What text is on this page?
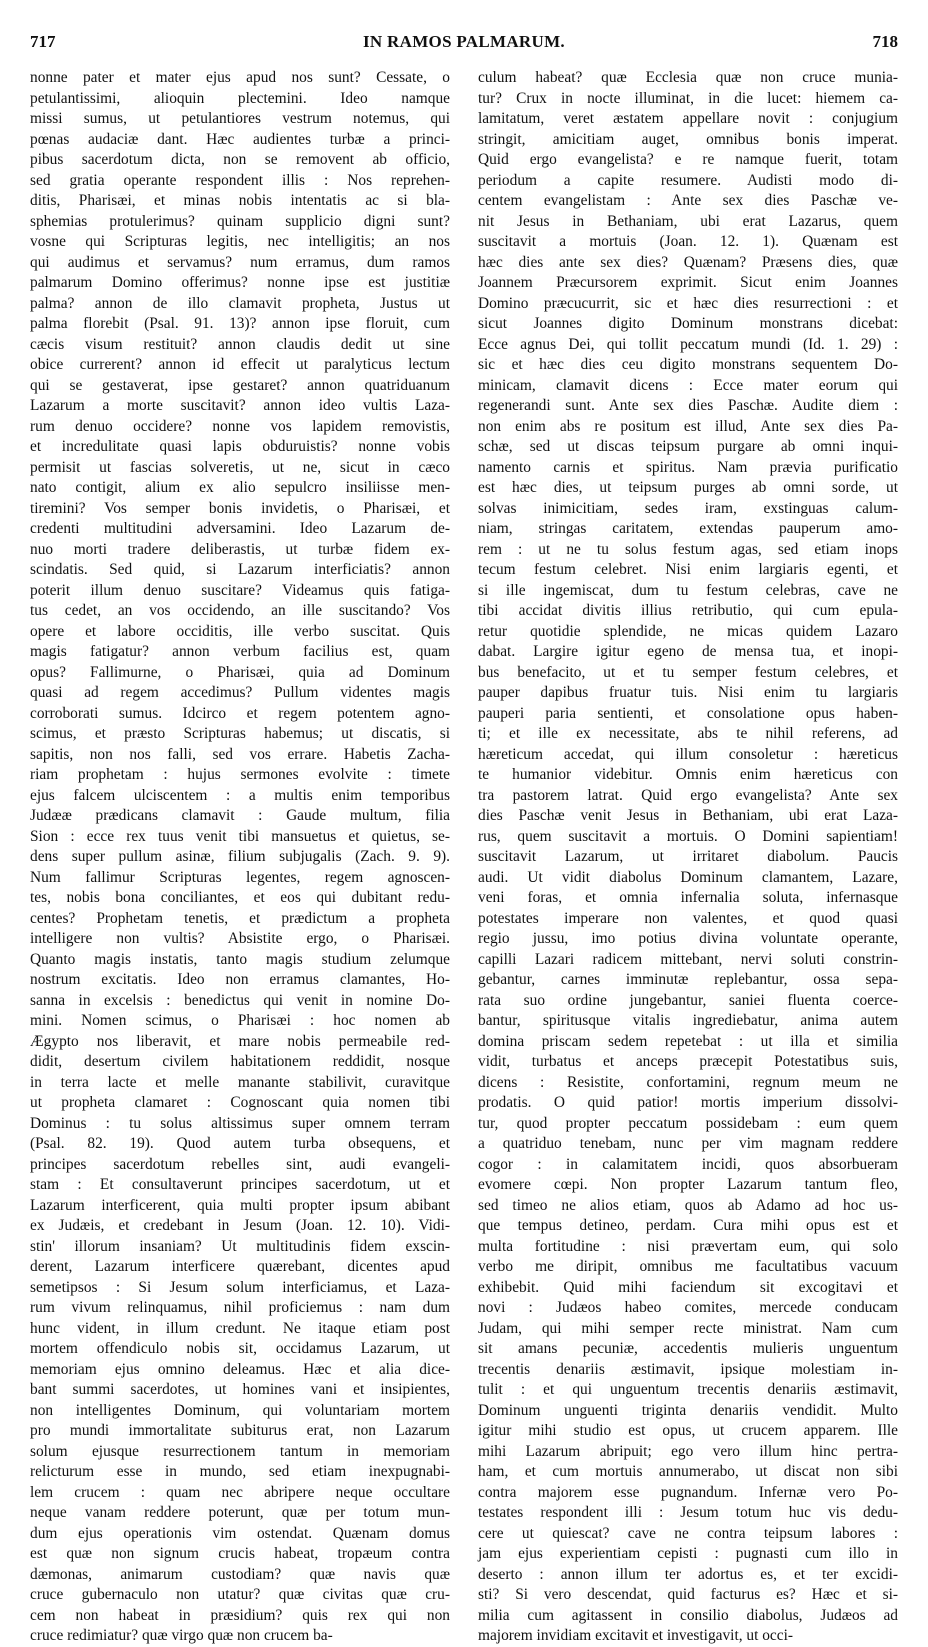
717	IN RAMOS PALMARUM.	718
nonne pater et mater ejus apud nos sunt? Cessate, o
petulantissimi, alioquin plectemini. Ideo namque
missi sumus, ut petulantiores vestrum notemus, qui
pœnas audaciæ dant. Hæc audientes turbæ a princi-
pibus sacerdotum dicta, non se removent ab officio,
sed gratia operante respondent illis : Nos reprehen-
ditis, Pharisæi, et minas nobis intentatis ac si bla-
sphemias protulerimus? quinam supplicio digni sunt?
vosne qui Scripturas legitis, nec intelligitis; an nos
qui audimus et servamus? num erramus, dum ramos
palmarum Domino offerimus? nonne ipse est justitiæ
palma? annon de illo clamavit propheta, Justus ut
palma florebit (Psal. 91. 13)? annon ipse floruit, cum
cæcis visum restituit? annon claudis dedit ut sine
obice currerent? annon id effecit ut paralyticus lectum
qui se gestaverat, ipse gestaret? annon quatriduanum
Lazarum a morte suscitavit? annon ideo vultis Laza-
rum denuo occidere? nonne vos lapidem removistis,
et incredulitate quasi lapis obduruistis? nonne vobis
permisit ut fascias solveretis, ut ne, sicut in cæco
nato contigit, alium ex alio sepulcro insiliisse men-
tiremini? Vos semper bonis invidetis, o Pharisæi, et
credenti multitudini adversamini. Ideo Lazarum de-
nuo morti tradere deliberastis, ut turbæ fidem ex-
scindatis. Sed quid, si Lazarum interficiatis? annon
poterit illum denuo suscitare? Videamus quis fatiga-
tus cedet, an vos occidendo, an ille suscitando? Vos
opere et labore occiditis, ille verbo suscitat. Quis
magis fatigatur? annon verbum facilius est, quam
opus? Fallimurne, o Pharisæi, quia ad Dominum
quasi ad regem accedimus? Pullum videntes magis
corroborati sumus. Idcirco et regem potentem agno-
scimus, et præsto Scripturas habemus; ut discatis, si
sapitis, non nos falli, sed vos errare. Habetis Zacha-
riam prophetam : hujus sermones evolvite : timete
ejus falcem ulciscentem : a multis enim temporibus
Judææ prædicans clamavit : Gaude multum, filia
Sion : ecce rex tuus venit tibi mansuetus et quietus, se-
dens super pullum asinæ, filium subjugalis (Zach. 9. 9).
Num fallimur Scripturas legentes, regem agnoscen-
tes, nobis bona conciliantes, et eos qui dubitant redu-
centes? Prophetam tenetis, et prædictum a propheta
intelligere non vultis? Absistite ergo, o Pharisæi.
Quanto magis instatis, tanto magis studium zelumque
nostrum excitatis. Ideo non erramus clamantes, Ho-
sanna in excelsis : benedictus qui venit in nomine Do-
mini. Nomen scimus, o Pharisæi : hoc nomen ab
Ægypto nos liberavit, et mare nobis permeabile red-
didit, desertum civilem habitationem reddidit, nosque
in terra lacte et melle manante stabilivit, curavitque
ut propheta clamaret : Cognoscant quia nomen tibi
Dominus : tu solus altissimus super omnem terram
(Psal. 82. 19). Quod autem turba obsequens, et
principes sacerdotum rebelles sint, audi evangeli-
stam : Et consultaverunt principes sacerdotum, ut et
Lazarum interficerent, quia multi propter ipsum abibant
ex Judæis, et credebant in Jesum (Joan. 12. 10). Vidi-
stin' illorum insaniam? Ut multitudinis fidem exscin-
derent, Lazarum interficere quærebant, dicentes apud
semetipsos : Si Jesum solum interficiamus, et Laza-
rum vivum relinquamus, nihil proficiemus : nam dum
hunc vident, in illum credunt. Ne itaque etiam post
mortem offendiculo nobis sit, occidamus Lazarum, ut
memoriam ejus omnino deleamus. Hæc et alia dice-
bant summi sacerdotes, ut homines vani et insipientes,
non intelligentes Dominum, qui voluntariam mortem
pro mundi immortalitate subiturus erat, non Lazarum
solum ejusque resurrectionem tantum in memoriam
relicturum esse in mundo, sed etiam inexpugnabi-
lem crucem : quam nec abripere neque occultare
neque vanam reddere poterunt, quæ per totum mun-
dum ejus operationis vim ostendat. Quænam domus
est quæ non signum crucis habeat, tropæum contra
dæmonas, animarum custodiam? quæ navis quæ
cruce gubernaculo non utatur? quæ civitas quæ cru-
cem non habeat in præsidium? quis rex qui non
cruce redimiatur? quæ virgo quæ non crucem ba-
culum habeat? quæ Ecclesia quæ non cruce munia-
tur? Crux in nocte illuminat, in die lucet: hiemem ca-
lamitatum, veret æstatem appellare novit : conjugium
stringit, amicitiam auget, omnibus bonis imperat.
Quid ergo evangelista? e re namque fuerit, totam
periodum a capite resumere. Audisti modo di-
centem evangelistam : Ante sex dies Paschæ ve-
nit Jesus in Bethaniam, ubi erat Lazarus, quem
suscitavit a mortuis (Joan. 12. 1). Quænam est
hæc dies ante sex dies? Quænam? Præsens dies, quæ
Joannem Præcursorem exprimit. Sicut enim Joannes
Domino præcucurrit, sic et hæc dies resurrectioni : et
sicut Joannes digito Dominum monstrans dicebat:
Ecce agnus Dei, qui tollit peccatum mundi (Id. 1. 29) :
sic et hæc dies ceu digito monstrans sequentem Do-
minicam, clamavit dicens : Ecce mater eorum qui
regenerandi sunt. Ante sex dies Paschæ. Audite diem :
non enim abs re positum est illud, Ante sex dies Pa-
schæ, sed ut discas teipsum purgare ab omni inqui-
namento carnis et spiritus. Nam prævia purificatio
est hæc dies, ut teipsum purges ab omni sorde, ut
solvas inimicitiam, sedes iram, exstinguas calum-
niam, stringas caritatem, extendas pauperum amo-
rem : ut ne tu solus festum agas, sed etiam inops
tecum festum celebret. Nisi enim largiaris egenti, et
si ille ingemiscat, dum tu festum celebras, cave ne
tibi accidat divitis illius retributio, qui cum epula-
retur quotidie splendide, ne micas quidem Lazaro
dabat. Largire igitur egeno de mensa tua, et inopi-
bus benefacito, ut et tu semper festum celebres, et
pauper dapibus fruatur tuis. Nisi enim tu largiaris
pauperi paria sentienti, et consolatione opus haben-
ti; et ille ex necessitate, abs te nihil referens, ad
hæreticum accedat, qui illum consoletur : hæreticus
te humanior videbitur. Omnis enim hæreticus con
tra pastorem latrat. Quid ergo evangelista? Ante sex
dies Paschæ venit Jesus in Bethaniam, ubi erat Laza-
rus, quem suscitavit a mortuis. O Domini sapientiam!
suscitavit Lazarum, ut irritaret diabolum. Paucis
audi. Ut vidit diabolus Dominum clamantem, Lazare,
veni foras, et omnia infernalia soluta, infernasque
potestates imperare non valentes, et quod quasi
regio jussu, imo potius divina voluntate operante,
capilli Lazari radicem mittebant, nervi soluti constrin-
gebantur, carnes imminutæ replebantur, ossa sepa-
rata suo ordine jungebantur, saniei fluenta coerce-
bantur, spiritusque vitalis ingrediebatur, anima autem
domina priscam sedem repetebat : ut illa et similia
vidit, turbatus et anceps præcepit Potestatibus suis,
dicens : Resistite, confortamini, regnum meum ne
prodatis. O quid patior! mortis imperium dissolvi-
tur, quod propter peccatum possidebam : eum quem
a quatriduo tenebam, nunc per vim magnam reddere
cogor : in calamitatem incidi, quos absorbueram
evomere cœpi. Non propter Lazarum tantum fleo,
sed timeo ne alios etiam, quos ab Adamo ad hoc us-
que tempus detineo, perdam. Cura mihi opus est et
multa fortitudine : nisi prævertam eum, qui solo
verbo me diripit, omnibus me facultatibus vacuum
exhibebit. Quid mihi faciendum sit excogitavi et
novi : Judæos habeo comites, mercede conducam
Judam, qui mihi semper recte ministrat. Nam cum
sit amans pecuniæ, accedentis mulieris unguentum
trecentis denariis æstimavit, ipsique molestiam in-
tulit : et qui unguentum trecentis denariis æstimavit,
Dominum unguenti triginta denariis vendidit. Multo
igitur mihi studio est opus, ut crucem apparem. Ille
mihi Lazarum abripuit; ego vero illum hinc pertra-
ham, et cum mortuis annumerabo, ut discat non sibi
contra majorem esse pugnandum. Infernæ vero Po-
testates respondent illi : Jesum totum huc vis dedu-
cere ut quiescat? cave ne contra teipsum labores :
jam ejus experientiam cepisti : pugnasti cum illo in
deserto : annon illum ter adortus es, et ter excidi-
sti? Si vero descendat, quid facturus es? Hæc et si-
milia cum agitassent in consilio diabolus, Judæos ad
majorem invidiam excitavit et investigavit, ut occi-
